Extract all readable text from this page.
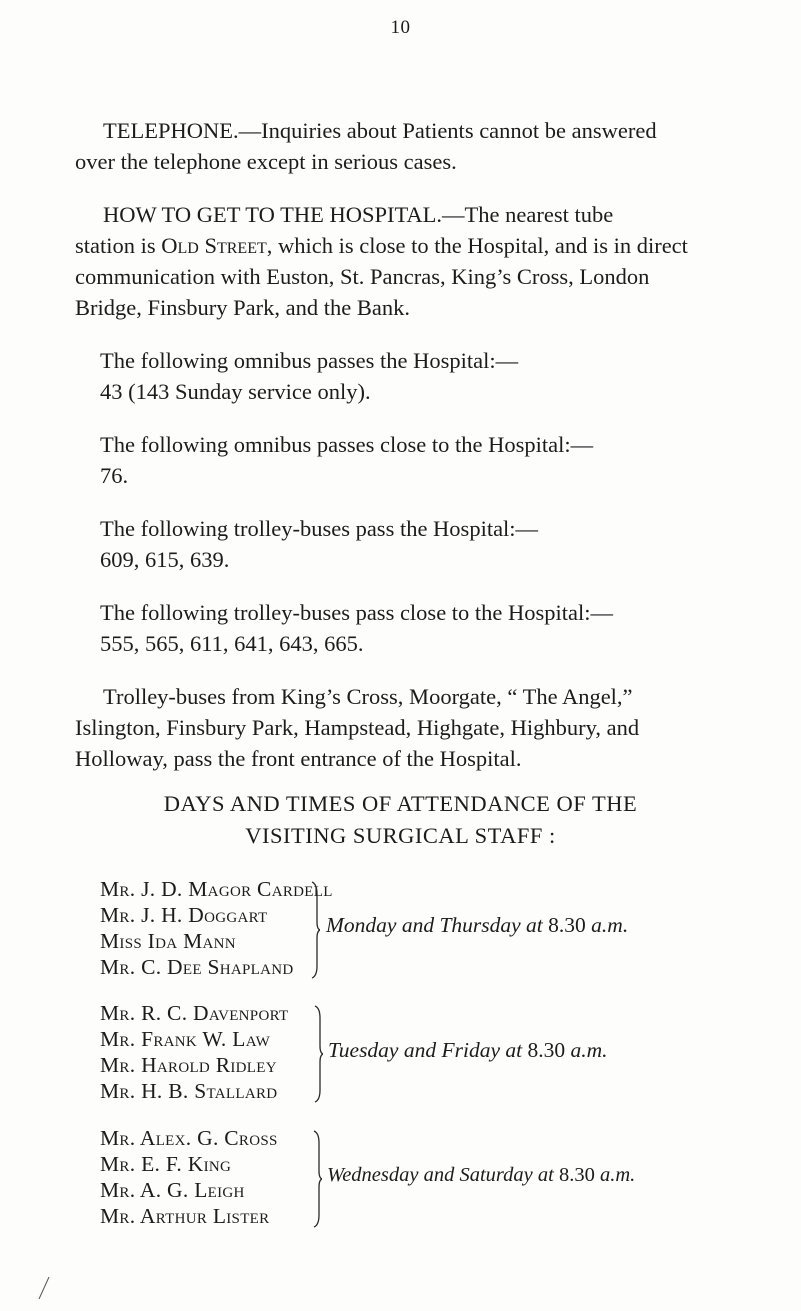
10

TELEPHONE.—Inquiries about Patients cannot be answered
over the telephone except in serious cases.

HOW TO GET TO THE HOSPITAL.—The nearest tube
station is Old Street, which is close to the Hospital, and is in direct
communication with Euston, St. Pancras, King’s Cross, London
Bridge, Finsbury Park, and the Bank.

The following omnibus passes the Hospital:—
43 (143 Sunday service only).
The following omnibus passes close to the Hospital:—
76.
The following trolley-buses pass the Hospital:—
609, 615, 639.
The following trolley-buses pass close to the Hospital:—
555, 565, 611, 641, 643, 665.

Trolley-buses from King’s Cross, Moorgate, “ The Angel,”
Islington, Finsbury Park, Hampstead, Highgate, Highbury, and
Holloway, pass the front entrance of the Hospital.

DAYS AND TIMES OF ATTENDANCE OF THE
VISITING SURGICAL STAFF :
Mr. J. D. Magor Cardell
Mr. J. H. Doggart
Miss Ida Mann
Mr. C. Dee Shapland
Monday and Thursday at 8.30 a.m.
Mr. R. C. Davenport
Mr. Frank W. Law
Mr. Harold Ridley
Mr. H. B. Stallard
Tuesday and Friday at 8.30 a.m.
Mr. Alex. G. Cross
Mr. E. F. King
Mr. A. G. Leigh
Mr. Arthur Lister
Wednesday and Saturday at 8.30 a.m.
